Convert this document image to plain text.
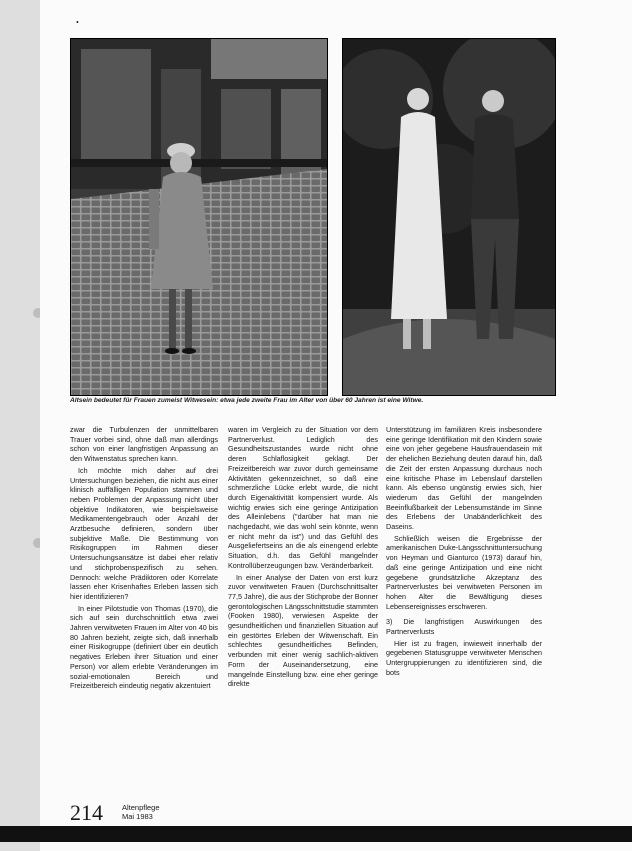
•
Altsein bedeutet für Frauen zumeist Witwesein: etwa jede zweite Frau im Alter von über 60 Jahren ist eine Witwe.

zwar die Turbulenzen der unmittelbaren Trauer vorbei sind, ohne daß man allerdings schon von einer langfristigen Anpassung an den Witwenstatus sprechen kann.

Ich möchte mich daher auf drei Untersuchungen beziehen, die nicht aus einer klinisch auffälligen Population stammen und neben Problemen der Anpassung nicht über objektive Indikatoren, wie beispielsweise Medikamentengebrauch oder Anzahl der Arztbesuche definieren, sondern über subjektive Maße. Die Bestimmung von Risikogruppen im Rahmen dieser Untersuchungsansätze ist dabei eher relativ und stichprobenspezifisch zu sehen. Dennoch: welche Prädiktoren oder Korrelate lassen eher Krisenhaftes Erleben lassen sich hier identifizieren?

In einer Pilotstudie von Thomas (1970), die sich auf sein durchschnittlich etwa zwei Jahren verwitweten Frauen im Alter von 40 bis 80 Jahren bezieht, zeigte sich, daß innerhalb einer Risikogruppe (definiert über ein deutlich negatives Erleben ihrer Situation und einer Person) vor allem erlebte Veränderungen im sozial-emotionalen Bereich und Freizeitbereich eindeutig negativ akzentuiert

waren im Vergleich zu der Situation vor dem Partnerverlust. Lediglich des Gesundheitszustandes wurde nicht ohne deren Schlaflosigkeit geklagt. Der Freizeitbereich war zuvor durch gemeinsame Aktivitäten gekennzeichnet, so daß eine schmerzliche Lücke erlebt wurde, die nicht durch Eigenaktivität kompensiert wurde. Als wichtig erwies sich eine geringe Antizipation des Alleinlebens ("darüber hat man nie nachgedacht, wie das wohl sein könnte, wenn er nicht mehr da ist") und das Gefühl des Ausgeliefertseins an die als einengend erlebte Situation, d.h. das Gefühl mangelnder Kontrollüberzeugungen bzw. Veränderbarkeit.

In einer Analyse der Daten von erst kurz zuvor verwitweten Frauen (Durchschnittsalter 77,5 Jahre), die aus der Stichprobe der Bonner gerontologischen Längsschnittstudie stammten (Fooken 1980), verwiesen Aspekte der gesundheitlichen und finanziellen Situation auf ein gestörtes Erleben der Witwenschaft. Ein schlechtes gesundheitliches Befinden, verbunden mit einer wenig sachlich-aktiven Form der Auseinandersetzung, eine mangelnde Einstellung bzw. eine eher geringe direkte

Unterstützung im familiären Kreis insbesondere eine geringe Identifikation mit den Kindern sowie eine von jeher gegebene Hausfrauendasein mit der ehelichen Beziehung deuten darauf hin, daß die Zeit der ersten Anpassung durchaus noch eine kritische Phase im Lebenslauf darstellen kann. Als ebenso ungünstig erwies sich, hier wiederum das Gefühl der mangelnden Beeinflußbarkeit der Lebensumstände im Sinne des Erlebens der Unabänderlichkeit des Daseins.

Schließlich weisen die Ergebnisse der amerikanischen Duke-Längsschnittuntersuchung von Heyman und Gianturco (1973) darauf hin, daß eine geringe Antizipation und eine nicht gegebene grundsätzliche Akzeptanz des Partnerverlustes bei verwitweten Personen im hohen Alter die Bewältigung dieses Lebensereignisses erschweren.

3) Die langfristigen Auswirkungen des Partnerverlusts

Hier ist zu fragen, inwieweit innerhalb der gegebenen Statusgruppe verwitweter Menschen Untergruppierungen zu identifizieren sind, die bots

214	Altenpflege
Mai 1983
